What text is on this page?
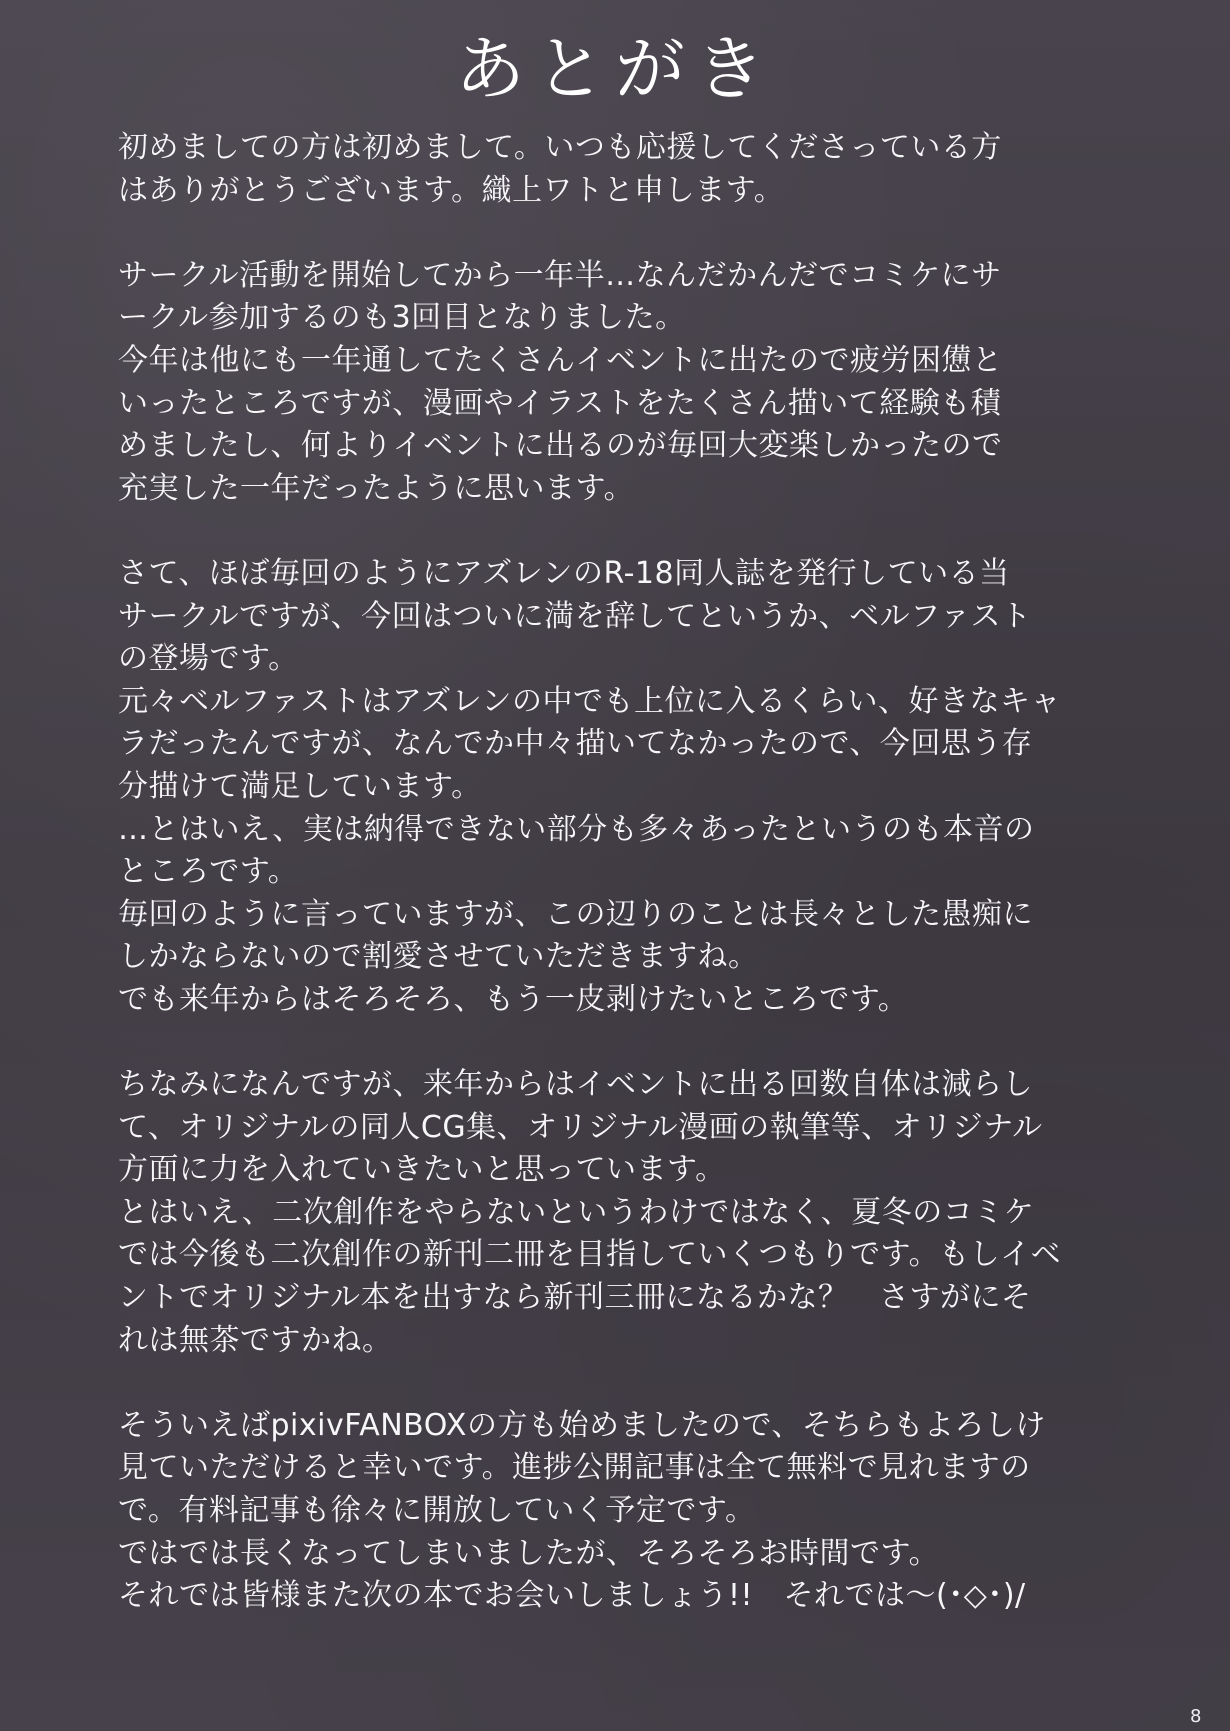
あとがき
初めましての方は初めまして。いつも応援してくださっている方
はありがとうございます。織上ワトと申します。
サークル活動を開始してから一年半…なんだかんだでコミケにサ
ークル参加するのも3回目となりました。
今年は他にも一年通してたくさんイベントに出たので疲労困憊と
いったところですが、漫画やイラストをたくさん描いて経験も積
めましたし、何よりイベントに出るのが毎回大変楽しかったので
充実した一年だったように思います。
さて、ほぼ毎回のようにアズレンのR-18同人誌を発行している当
サークルですが、今回はついに満を辞してというか、ベルファスト
の登場です。
元々ベルファストはアズレンの中でも上位に入るくらい、好きなキャ
ラだったんですが、なんでか中々描いてなかったので、今回思う存
分描けて満足しています。
…とはいえ、実は納得できない部分も多々あったというのも本音の
ところです。
毎回のように言っていますが、この辺りのことは長々とした愚痴に
しかならないので割愛させていただきますね。
でも来年からはそろそろ、もう一皮剥けたいところです。
ちなみになんですが、来年からはイベントに出る回数自体は減らし
て、オリジナルの同人CG集、オリジナル漫画の執筆等、オリジナル
方面に力を入れていきたいと思っています。
とはいえ、二次創作をやらないというわけではなく、夏冬のコミケ
では今後も二次創作の新刊二冊を目指していくつもりです。もしイベ
ントでオリジナル本を出すなら新刊三冊になるかな？　さすがにそ
れは無茶ですかね。
そういえばpixivFANBOXの方も始めましたので、そちらもよろしけ
見ていただけると幸いです。進捗公開記事は全て無料で見れますの
で。有料記事も徐々に開放していく予定です。
ではでは長くなってしまいましたが、そろそろお時間です。
それでは皆様また次の本でお会いしましょう!!　それでは〜(･◇･)/
8
